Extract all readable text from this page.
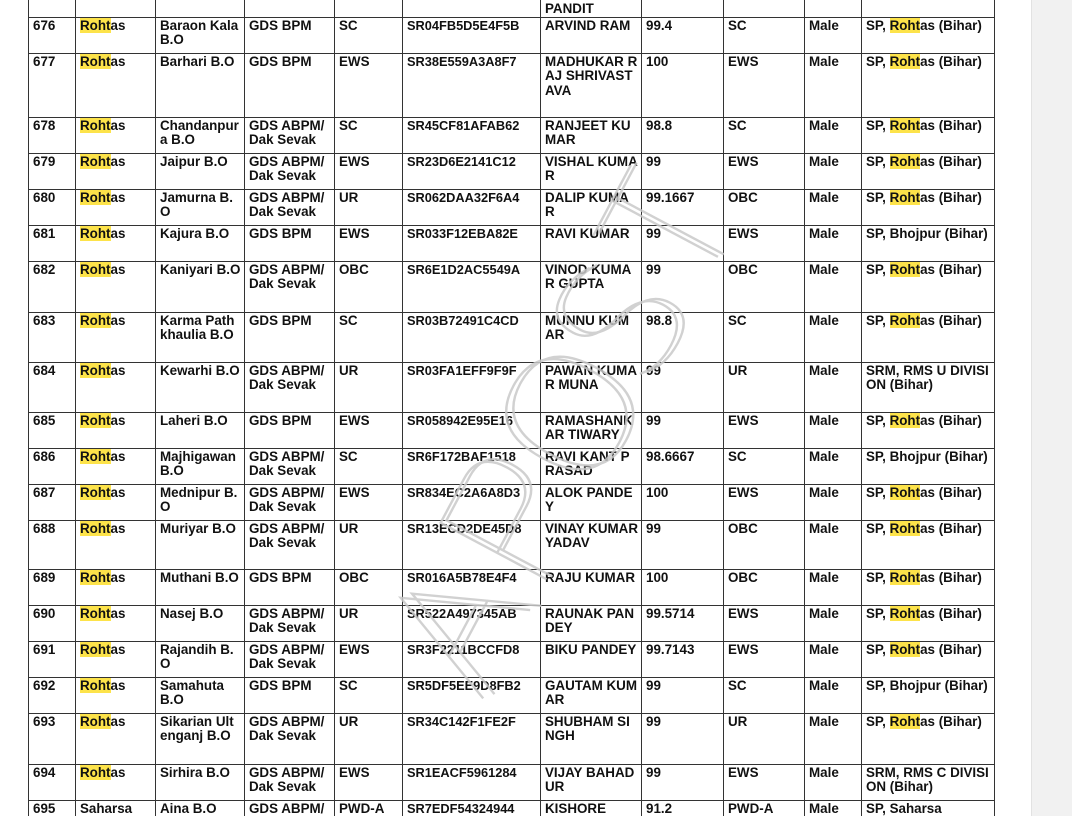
						PANDIT				
676	Rohtas	Baraon Kala B.O	GDS BPM	SC	SR04FB5D5E4F5B	ARVIND RAM	99.4	SC	Male	SP, Rohtas (Bihar)
677	Rohtas	Barhari B.O	GDS BPM	EWS	SR38E559A3A8F7	MADHUKAR RAJ SHRIVASTAVA	100	EWS	Male	SP, Rohtas (Bihar)
678	Rohtas	Chandanpura B.O	GDS ABPM/ Dak Sevak	SC	SR45CF81AFAB62	RANJEET KUMAR	98.8	SC	Male	SP, Rohtas (Bihar)
679	Rohtas	Jaipur B.O	GDS ABPM/ Dak Sevak	EWS	SR23D6E2141C12	VISHAL KUMAR	99	EWS	Male	SP, Rohtas (Bihar)
680	Rohtas	Jamurna B.O	GDS ABPM/ Dak Sevak	UR	SR062DAA32F6A4	DALIP KUMAR	99.1667	OBC	Male	SP, Rohtas (Bihar)
681	Rohtas	Kajura B.O	GDS BPM	EWS	SR033F12EBA82E	RAVI KUMAR	99	EWS	Male	SP, Bhojpur (Bihar)
682	Rohtas	Kaniyari B.O	GDS ABPM/ Dak Sevak	OBC	SR6E1D2AC5549A	VINOD KUMAR GUPTA	99	OBC	Male	SP, Rohtas (Bihar)
683	Rohtas	Karma Pathkhaulia B.O	GDS BPM	SC	SR03B72491C4CD	MUNNU KUMAR	98.8	SC	Male	SP, Rohtas (Bihar)
684	Rohtas	Kewarhi B.O	GDS ABPM/ Dak Sevak	UR	SR03FA1EFF9F9F	PAWAN KUMAR MUNA	99	UR	Male	SRM, RMS U DIVISION (Bihar)
685	Rohtas	Laheri B.O	GDS BPM	EWS	SR058942E95E16	RAMASHANKAR TIWARY	99	EWS	Male	SP, Rohtas (Bihar)
686	Rohtas	Majhigawan B.O	GDS ABPM/ Dak Sevak	SC	SR6F172BAF1518	RAVI KANT PRASAD	98.6667	SC	Male	SP, Bhojpur (Bihar)
687	Rohtas	Mednipur B.O	GDS ABPM/ Dak Sevak	EWS	SR834EC2A6A8D3	ALOK PANDEY	100	EWS	Male	SP, Rohtas (Bihar)
688	Rohtas	Muriyar B.O	GDS ABPM/ Dak Sevak	UR	SR13ECD2DE45D8	VINAY KUMAR YADAV	99	OBC	Male	SP, Rohtas (Bihar)
689	Rohtas	Muthani B.O	GDS BPM	OBC	SR016A5B78E4F4	RAJU KUMAR	100	OBC	Male	SP, Rohtas (Bihar)
690	Rohtas	Nasej B.O	GDS ABPM/ Dak Sevak	UR	SR522A497345AB	RAUNAK PANDEY	99.5714	EWS	Male	SP, Rohtas (Bihar)
691	Rohtas	Rajandih B.O	GDS ABPM/ Dak Sevak	EWS	SR3F2211BCCFD8	BIKU PANDEY	99.7143	EWS	Male	SP, Rohtas (Bihar)
692	Rohtas	Samahuta B.O	GDS BPM	SC	SR5DF5EE9D8FB2	GAUTAM KUMAR	99	SC	Male	SP, Bhojpur (Bihar)
693	Rohtas	Sikarian Ultenganj B.O	GDS ABPM/ Dak Sevak	UR	SR34C142F1FE2F	SHUBHAM SINGH	99	UR	Male	SP, Rohtas (Bihar)
694	Rohtas	Sirhira B.O	GDS ABPM/ Dak Sevak	EWS	SR1EACF5961284	VIJAY BAHADUR	99	EWS	Male	SRM, RMS C DIVISION (Bihar)
695	Saharsa	Aina B.O	GDS ABPM/	PWD-A	SR7EDF54324944	KISHORE	91.2	PWD-A	Male	SP, Saharsa
